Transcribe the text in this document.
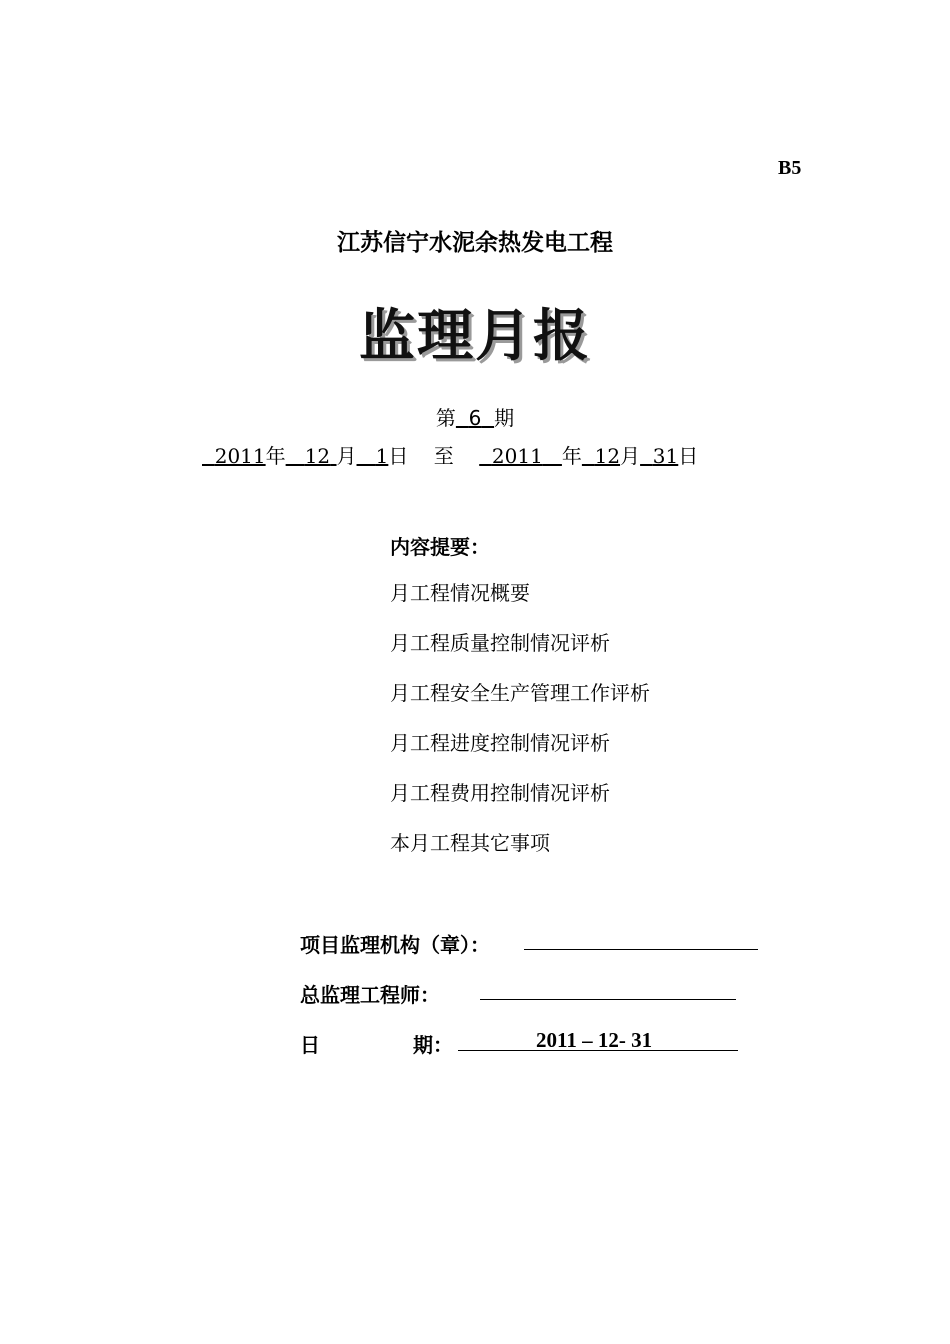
B5
江苏信宁水泥余热发电工程
监理月报
第 6 期
2011年 12 月 1日 至 2011 年 12月 31日
内容提要：
月工程情况概要
月工程质量控制情况评析
月工程安全生产管理工作评析
月工程进度控制情况评析
月工程费用控制情况评析
本月工程其它事项
项目监理机构（章）：
总监理工程师：
日	期：	2011 – 12- 31
